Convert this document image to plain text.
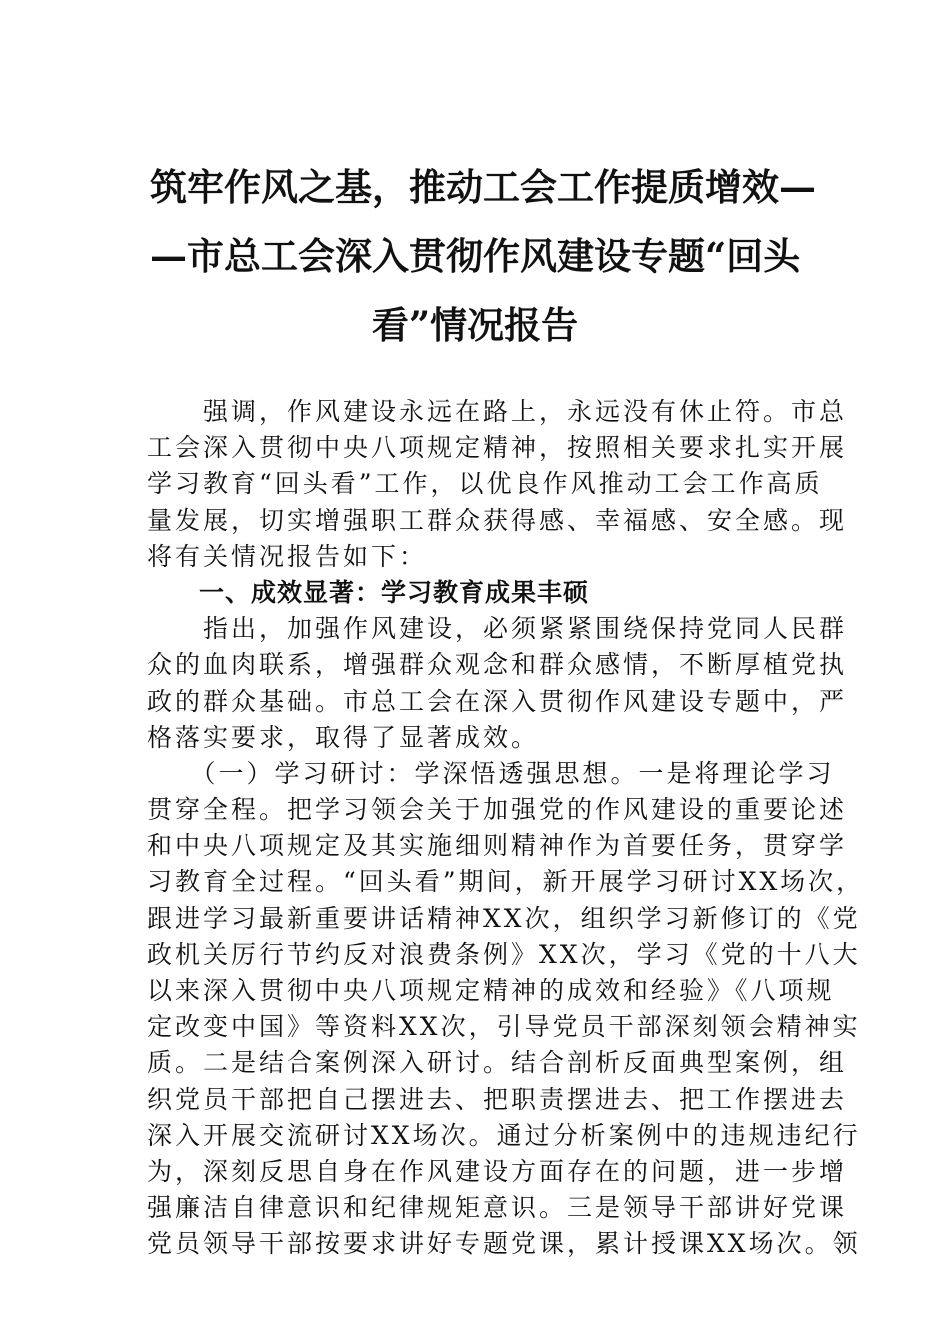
筑牢作风之基，推动工会工作提质增效—
—市总工会深入贯彻作风建设专题“回头
看”情况报告
　　强调，作风建设永远在路上，永远没有休止符。市总
工会深入贯彻中央八项规定精神，按照相关要求扎实开展
学习教育“回头看”工作，以优良作风推动工会工作高质
量发展，切实增强职工群众获得感、幸福感、安全感。现
将有关情况报告如下：
　　一、成效显著：学习教育成果丰硕
　　指出，加强作风建设，必须紧紧围绕保持党同人民群
众的血肉联系，增强群众观念和群众感情，不断厚植党执
政的群众基础。市总工会在深入贯彻作风建设专题中，严
格落实要求，取得了显著成效。
　　（一）学习研讨：学深悟透强思想。一是将理论学习
贯穿全程。把学习领会关于加强党的作风建设的重要论述
和中央八项规定及其实施细则精神作为首要任务，贯穿学
习教育全过程。“回头看”期间，新开展学习研讨XX场次，
跟进学习最新重要讲话精神XX次，组织学习新修订的《党
政机关厉行节约反对浪费条例》XX次，学习《党的十八大
以来深入贯彻中央八项规定精神的成效和经验》《八项规
定改变中国》等资料XX次，引导党员干部深刻领会精神实
质。二是结合案例深入研讨。结合剖析反面典型案例，组
织党员干部把自己摆进去、把职责摆进去、把工作摆进去
深入开展交流研讨XX场次。通过分析案例中的违规违纪行
为，深刻反思自身在作风建设方面存在的问题，进一步增
强廉洁自律意识和纪律规矩意识。三是领导干部讲好党课
党员领导干部按要求讲好专题党课，累计授课XX场次。领
